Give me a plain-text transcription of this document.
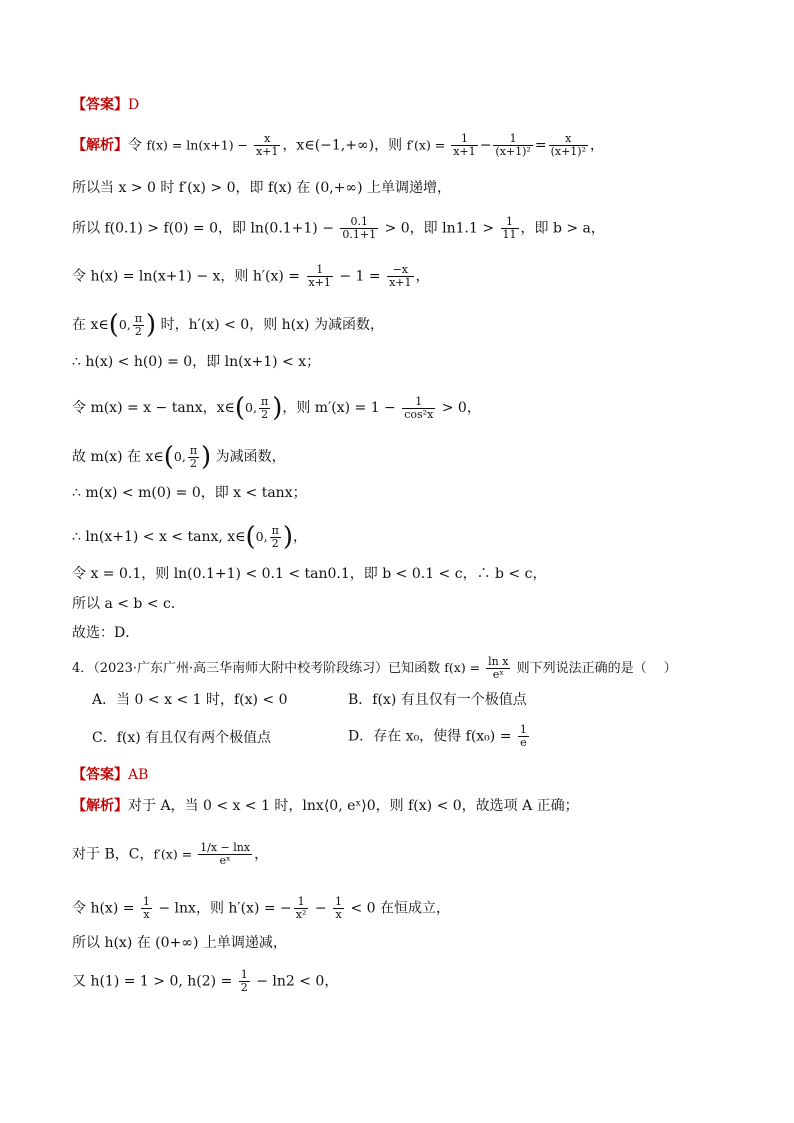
【答案】D
【解析】令 $f(x) = \ln(x+1) - \frac{x}{x+1}$ ，x∈(−1,+∞)，则 $f'(x) = \frac{1}{x+1} - \frac{1}{\text{(x+1)²}} = \frac{x}{\text{(x+1)²}}$ ，
所以当 x > 0 时 f′(x) > 0，即 f(x) 在 (0,+∞) 上单调递增，
所以 f(0.1) > f(0) = 0，即 $\ln(0.1+1) - \frac{0.1}{0.1+1} > 0$，即 $\ln 1.1 > \frac{1}{11}$ ，即 b > a，
令 h(x) = ln(x+1) − x，则 $h'(x) = \frac{1}{x+1} - 1 = \frac{-x}{x+1}$ ，
在 x∈(0, $\frac{\pi}{2}$ ) 时，h′(x) < 0，则 h(x) 为减函数，
∴ h(x) < h(0) = 0，即 ln(x+1) < x；
令 m(x) = x − tanx，x∈(0, $\frac{\pi}{2}$ )，则 $m'(x) = 1 - \frac{1}{\text{cos²x}} > 0$，
故 m(x) 在 x∈(0, $\frac{\pi}{2}$ ) 为减函数，
∴ m(x) < m(0) = 0，即 x < tanx；
∴ ln(x+1) < x < tanx, x∈(0, $\frac{\pi}{2}$ )，
令 x = 0.1，则 ln(0.1+1) < 0.1 < tan0.1，即 b < 0.1 < c，∴ b < c，
所以 a < b < c．
故选：D．
4．（2023·广东广州·高三华南师大附中校考阶段练习）已知函数 $f(x) = \frac{\text{ln x}}{\text{eˣ}}$ 则下列说法正确的是（　 ）
A．当 0 < x < 1 时，f(x) < 0	B．f(x) 有且仅有一个极值点
C．f(x) 有且仅有两个极值点	D．存在 x₀，使得 $f(x_0) = \frac{1}{e}$
【答案】AB
【解析】对于 A，当 0 < x < 1 时，lnx⟨0, eˣ⟩0，则 f(x) < 0，故选项 A 正确；
对于 B，C，$f'(x) = \frac{1/x - \ln x}{\text{eˣ}}$ ，
令 $h(x) = \frac{1}{x} - \ln x$，则 h′(x) = − $\frac{1}{\text{x²}} - \frac{1}{x} < 0$ 在恒成立，
所以 h(x) 在 (0+∞) 上单调递减，
又 h(1) = 1 > 0, $h(2) = \frac{1}{2} - \ln 2 < 0$，
